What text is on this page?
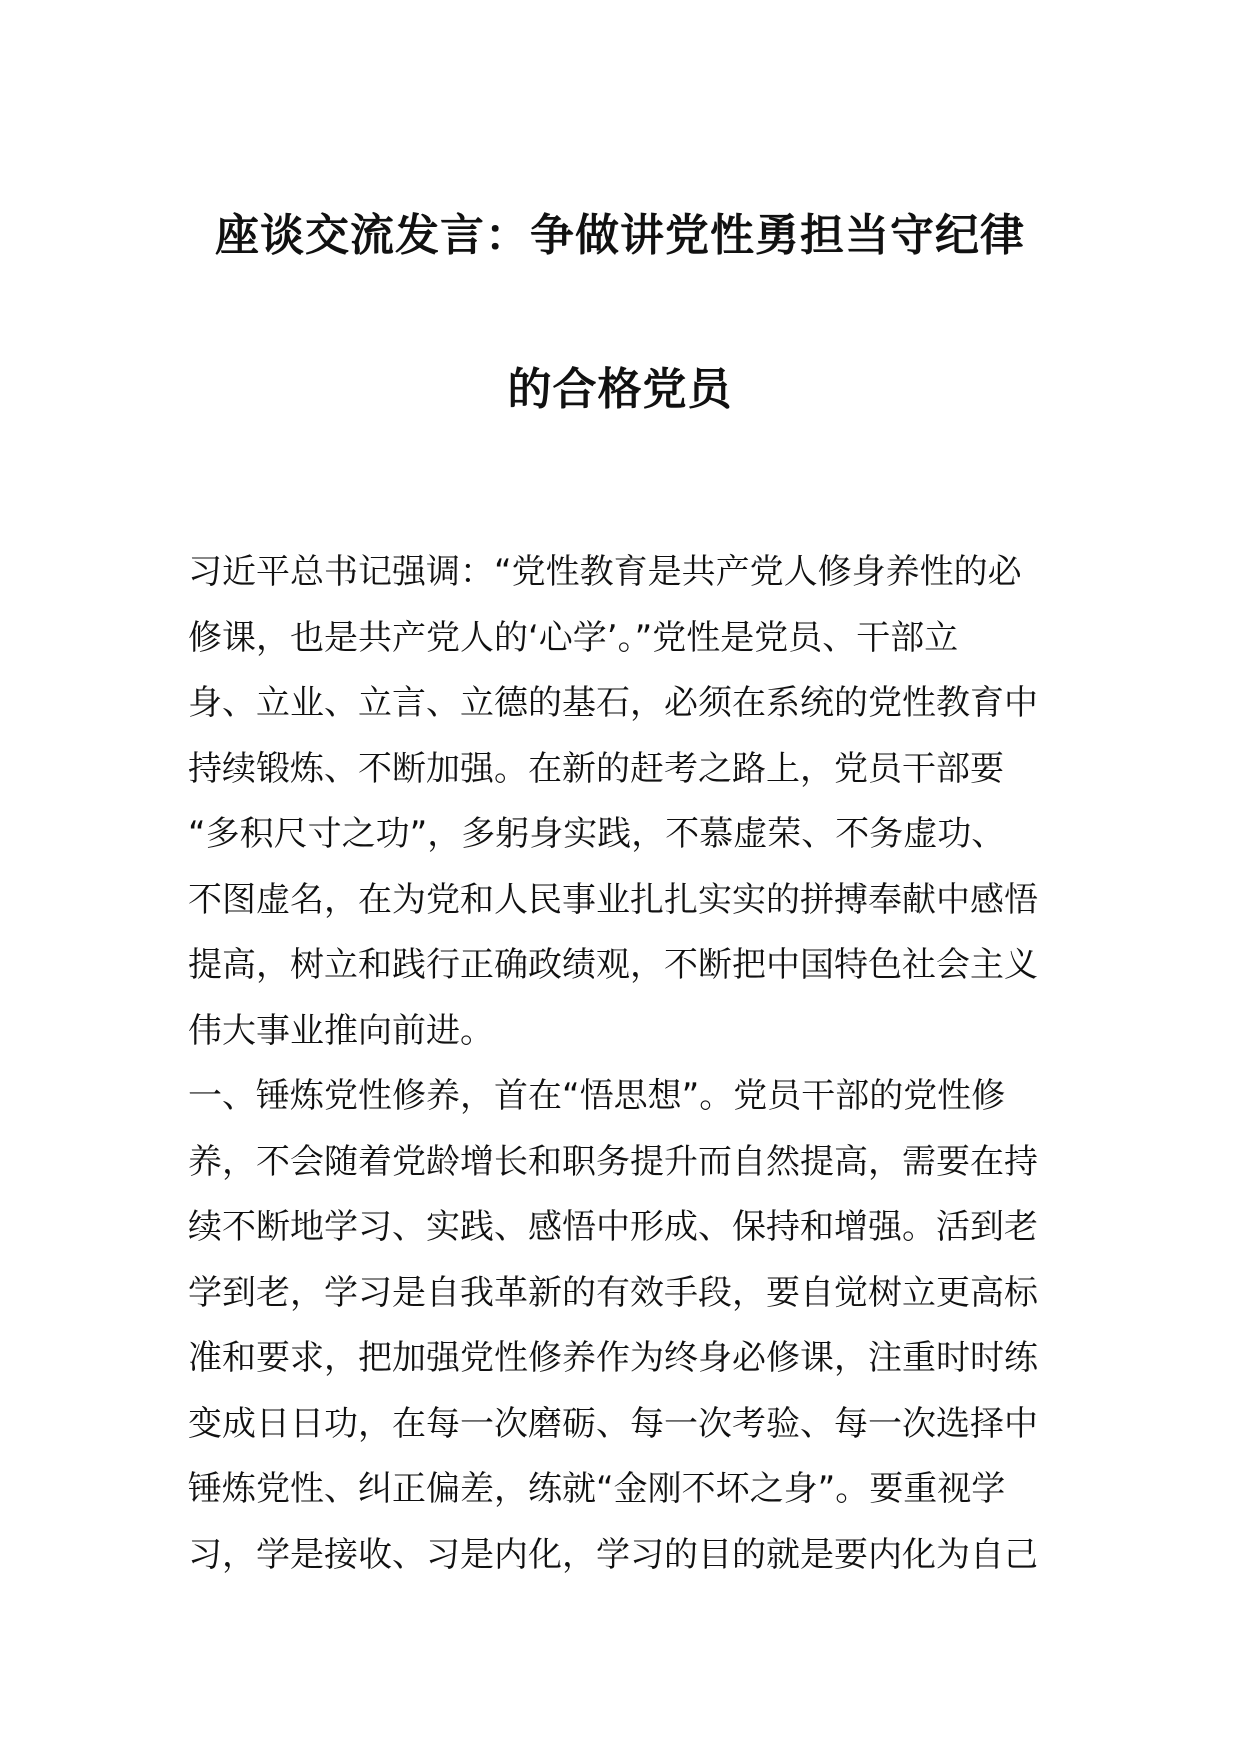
座谈交流发言：争做讲党性勇担当守纪律
的合格党员
习近平总书记强调：“党性教育是共产党人修身养性的必
修课，也是共产党人的‘心学’。”党性是党员、干部立
身、立业、立言、立德的基石，必须在系统的党性教育中
持续锻炼、不断加强。在新的赶考之路上，党员干部要
“多积尺寸之功”，多躬身实践，不慕虚荣、不务虚功、
不图虚名，在为党和人民事业扎扎实实的拼搏奉献中感悟
提高，树立和践行正确政绩观，不断把中国特色社会主义
伟大事业推向前进。
一、锤炼党性修养，首在“悟思想”。党员干部的党性修
养，不会随着党龄增长和职务提升而自然提高，需要在持
续不断地学习、实践、感悟中形成、保持和增强。活到老
学到老，学习是自我革新的有效手段，要自觉树立更高标
准和要求，把加强党性修养作为终身必修课，注重时时练
变成日日功，在每一次磨砺、每一次考验、每一次选择中
锤炼党性、纠正偏差，练就“金刚不坏之身”。要重视学
习，学是接收、习是内化，学习的目的就是要内化为自己
